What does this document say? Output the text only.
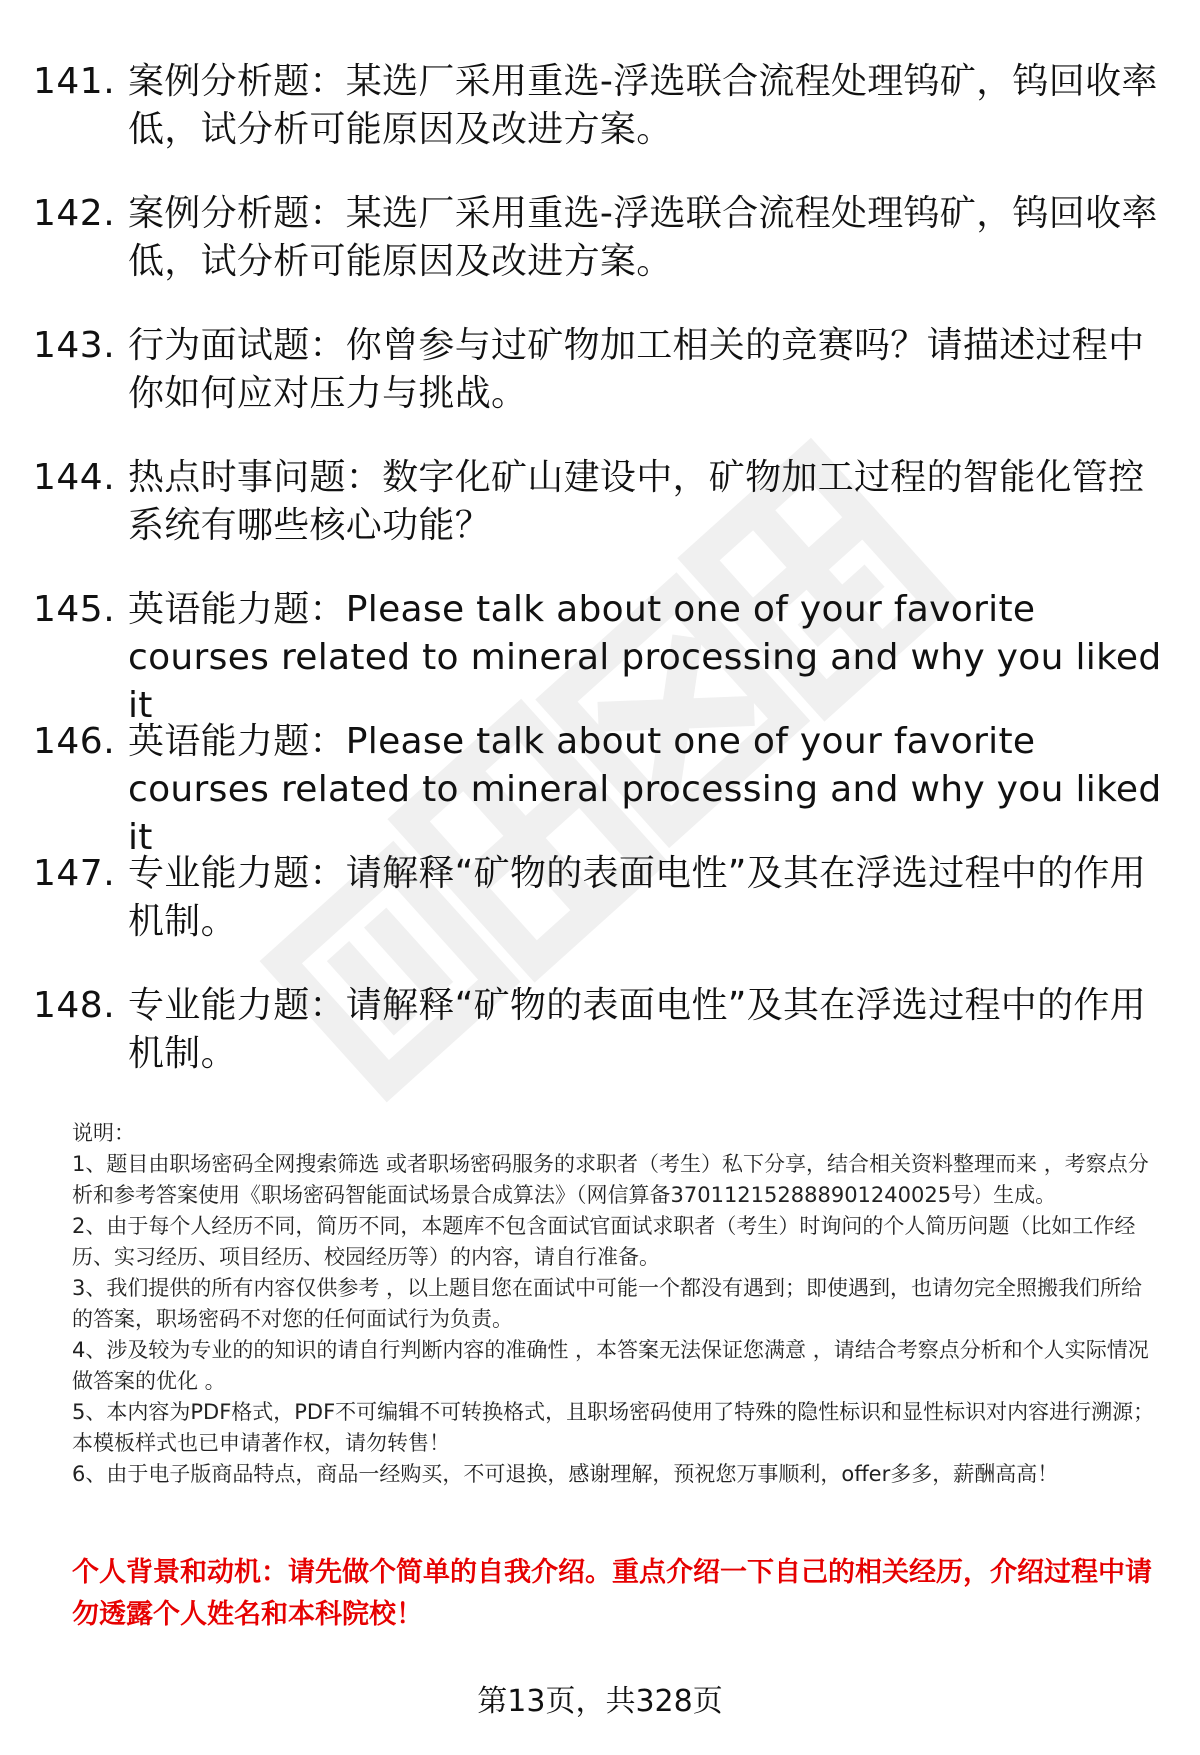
141. 案例分析题：某选厂采用重选-浮选联合流程处理钨矿，钨回收率低，试分析可能原因及改进方案。
142. 案例分析题：某选厂采用重选-浮选联合流程处理钨矿，钨回收率低，试分析可能原因及改进方案。
143. 行为面试题：你曾参与过矿物加工相关的竞赛吗？请描述过程中你如何应对压力与挑战。
144. 热点时事问题：数字化矿山建设中，矿物加工过程的智能化管控系统有哪些核心功能？
145. 英语能力题：Please talk about one of your favorite courses related to mineral processing and why you liked it
146. 英语能力题：Please talk about one of your favorite courses related to mineral processing and why you liked it
147. 专业能力题：请解释“矿物的表面电性”及其在浮选过程中的作用机制。
148. 专业能力题：请解释“矿物的表面电性”及其在浮选过程中的作用机制。

说明：

1、题目由职场密码全网搜索筛选 或者职场密码服务的求职者（考生）私下分享，结合相关资料整理而来 ，考察点分析和参考答案使用《职场密码智能面试场景合成算法》（网信算备370112152888901240025号）生成。

2、由于每个人经历不同，简历不同，本题库不包含面试官面试求职者（考生）时询问的个人简历问题（比如工作经历、实习经历、项目经历、校园经历等）的内容，请自行准备。

3、我们提供的所有内容仅供参考 ，以上题目您在面试中可能一个都没有遇到；即使遇到，也请勿完全照搬我们所给的答案，职场密码不对您的任何面试行为负责。

4、涉及较为专业的的知识的请自行判断内容的准确性 ，本答案无法保证您满意 ，请结合考察点分析和个人实际情况做答案的优化 。

5、本内容为PDF格式，PDF不可编辑不可转换格式，且职场密码使用了特殊的隐性标识和显性标识对内容进行溯源；本模板样式也已申请著作权，请勿转售！

6、由于电子版商品特点，商品一经购买，不可退换，感谢理解，预祝您万事顺利，offer多多，薪酬高高！

个人背景和动机：请先做个简单的自我介绍。重点介绍一下自己的相关经历，介绍过程中请勿透露个人姓名和本科院校！
第13页，共328页
